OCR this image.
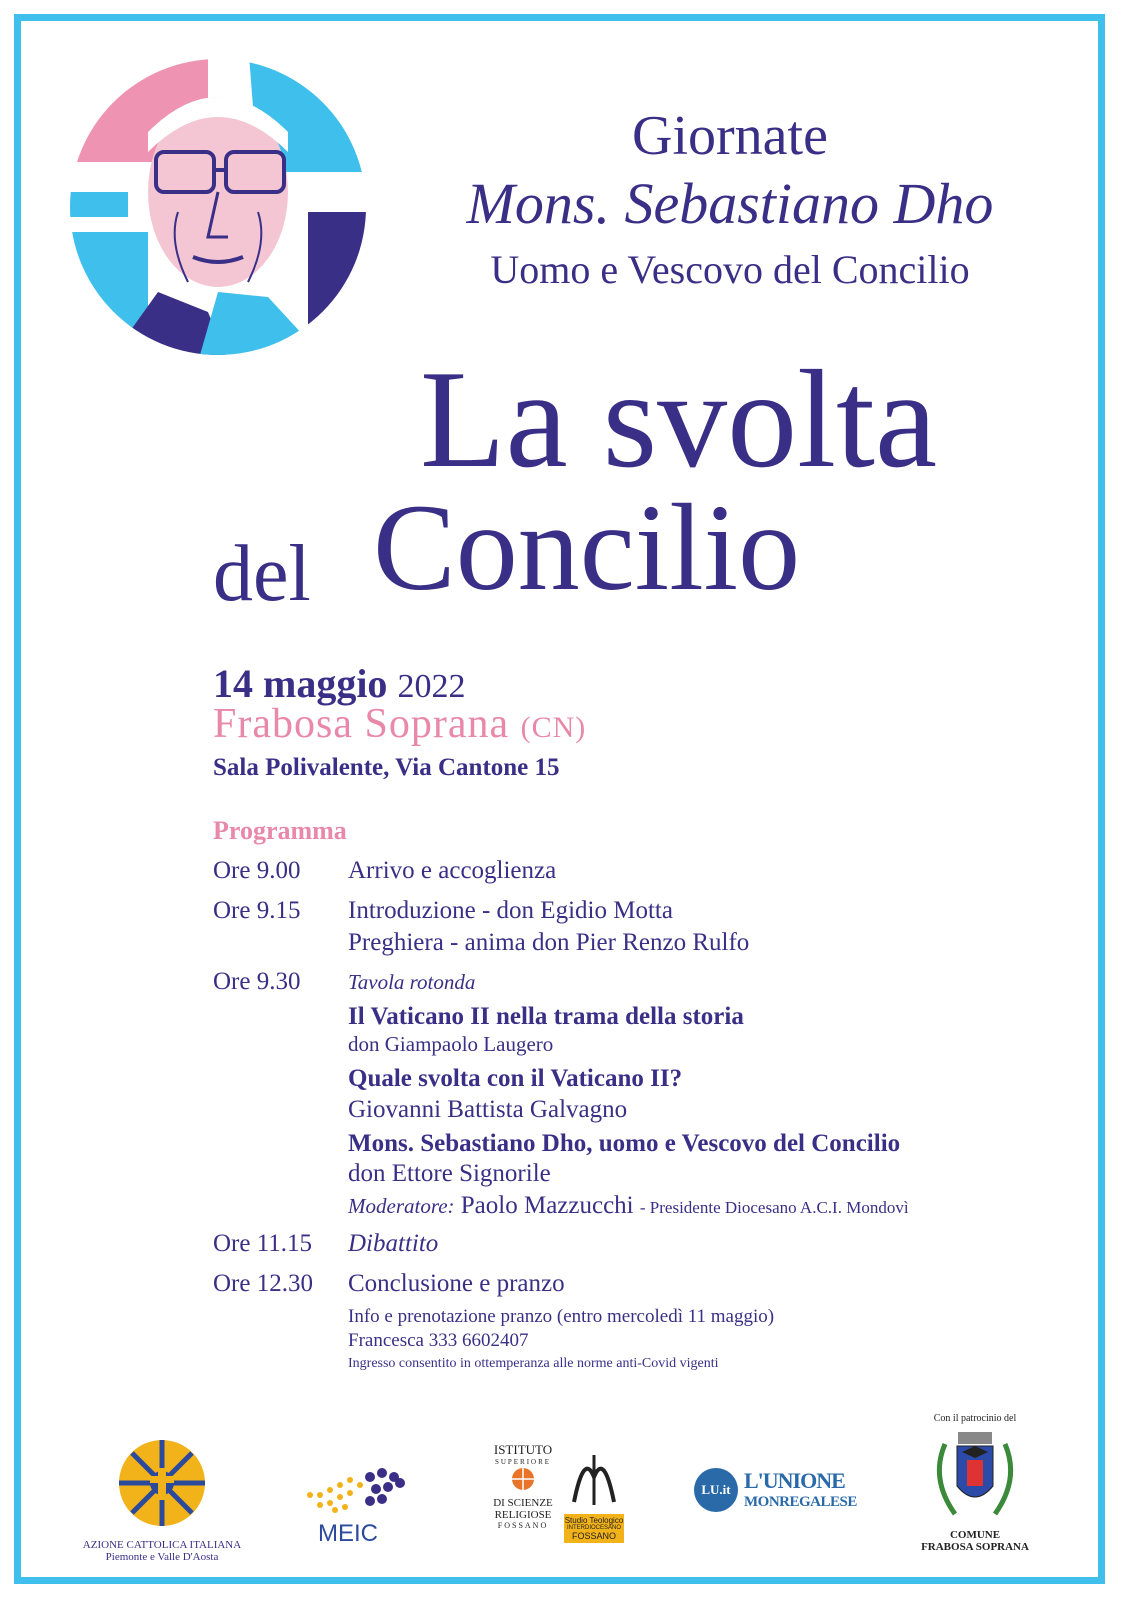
Giornate
Mons. Sebastiano Dho
Uomo e Vescovo del Concilio
La svolta
del Concilio
14 maggio 2022
Frabosa Soprana (CN)
Sala Polivalente, Via Cantone 15
Programma
Ore 9.00 Arrivo e accoglienza
Ore 9.15 Introduzione - don Egidio Motta
Preghiera - anima don Pier Renzo Rulfo
Ore 9.30 Tavola rotonda
Il Vaticano II nella trama della storia
don Giampaolo Laugero
Quale svolta con il Vaticano II?
Giovanni Battista Galvagno
Mons. Sebastiano Dho, uomo e Vescovo del Concilio
don Ettore Signorile
Moderatore: Paolo Mazzucchi - Presidente Diocesano A.C.I. Mondovì
Ore 11.15 Dibattito
Ore 12.30 Conclusione e pranzo
Info e prenotazione pranzo (entro mercoledì 11 maggio)
Francesca 333 6602407
Ingresso consentito in ottemperanza alle norme anti-Covid vigenti
AZIONE CATTOLICA ITALIANA
Piemonte e Valle D'Aosta
MEIC
ISTITUTO
SUPERIORE
DI SCIENZE
RELIGIOSE
FOSSANO
Studio Teologico
INTERDIOCESANO
FOSSANO
LU.it L'UNIONE
MONREGALESE
Con il patrocinio del
COMUNE
FRABOSA SOPRANA
